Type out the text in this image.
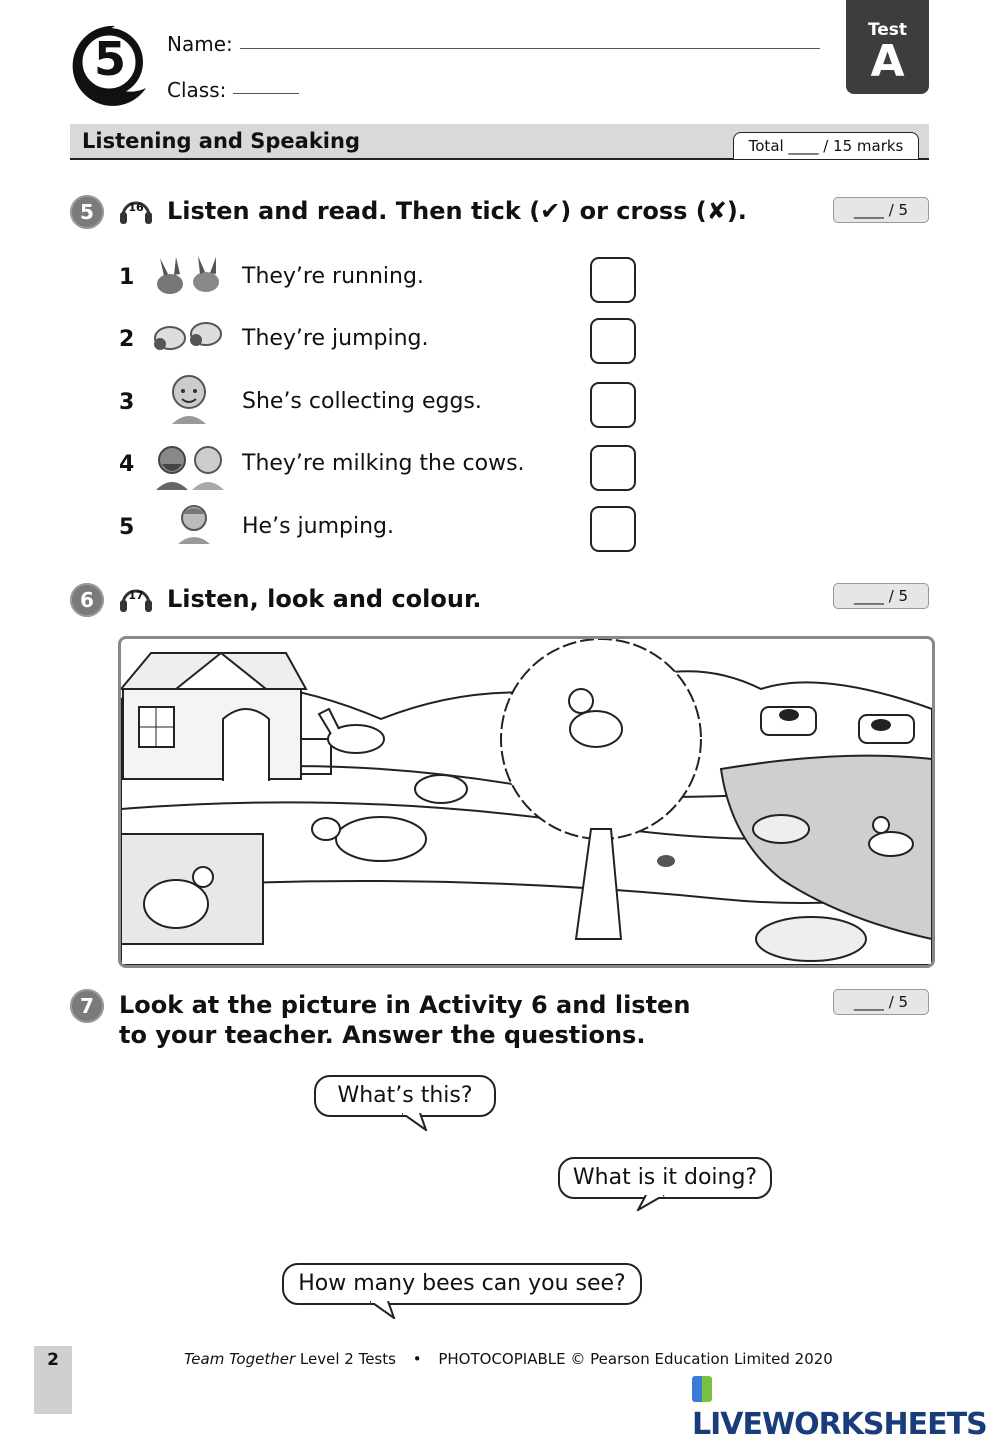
5 Name:
Class:
Test
A
Listening and Speaking	Total ____ / 15 marks
5	16 Listen and read. Then tick (✔) or cross (✘).	____ / 5
1	They’re running.
2	They’re jumping.
3	She’s collecting eggs.
4	They’re milking the cows.
5	He’s jumping.
6	17 Listen, look and colour.	____ / 5
7	Look at the picture in Activity 6 and listen
to your teacher. Answer the questions.
____ / 5
What’s this?
What is it doing?
How many bees can you see?
2	Team Together Level 2 Tests • PHOTOCOPIABLE © Pearson Education Limited 2020
LIVEWORKSHEETS
